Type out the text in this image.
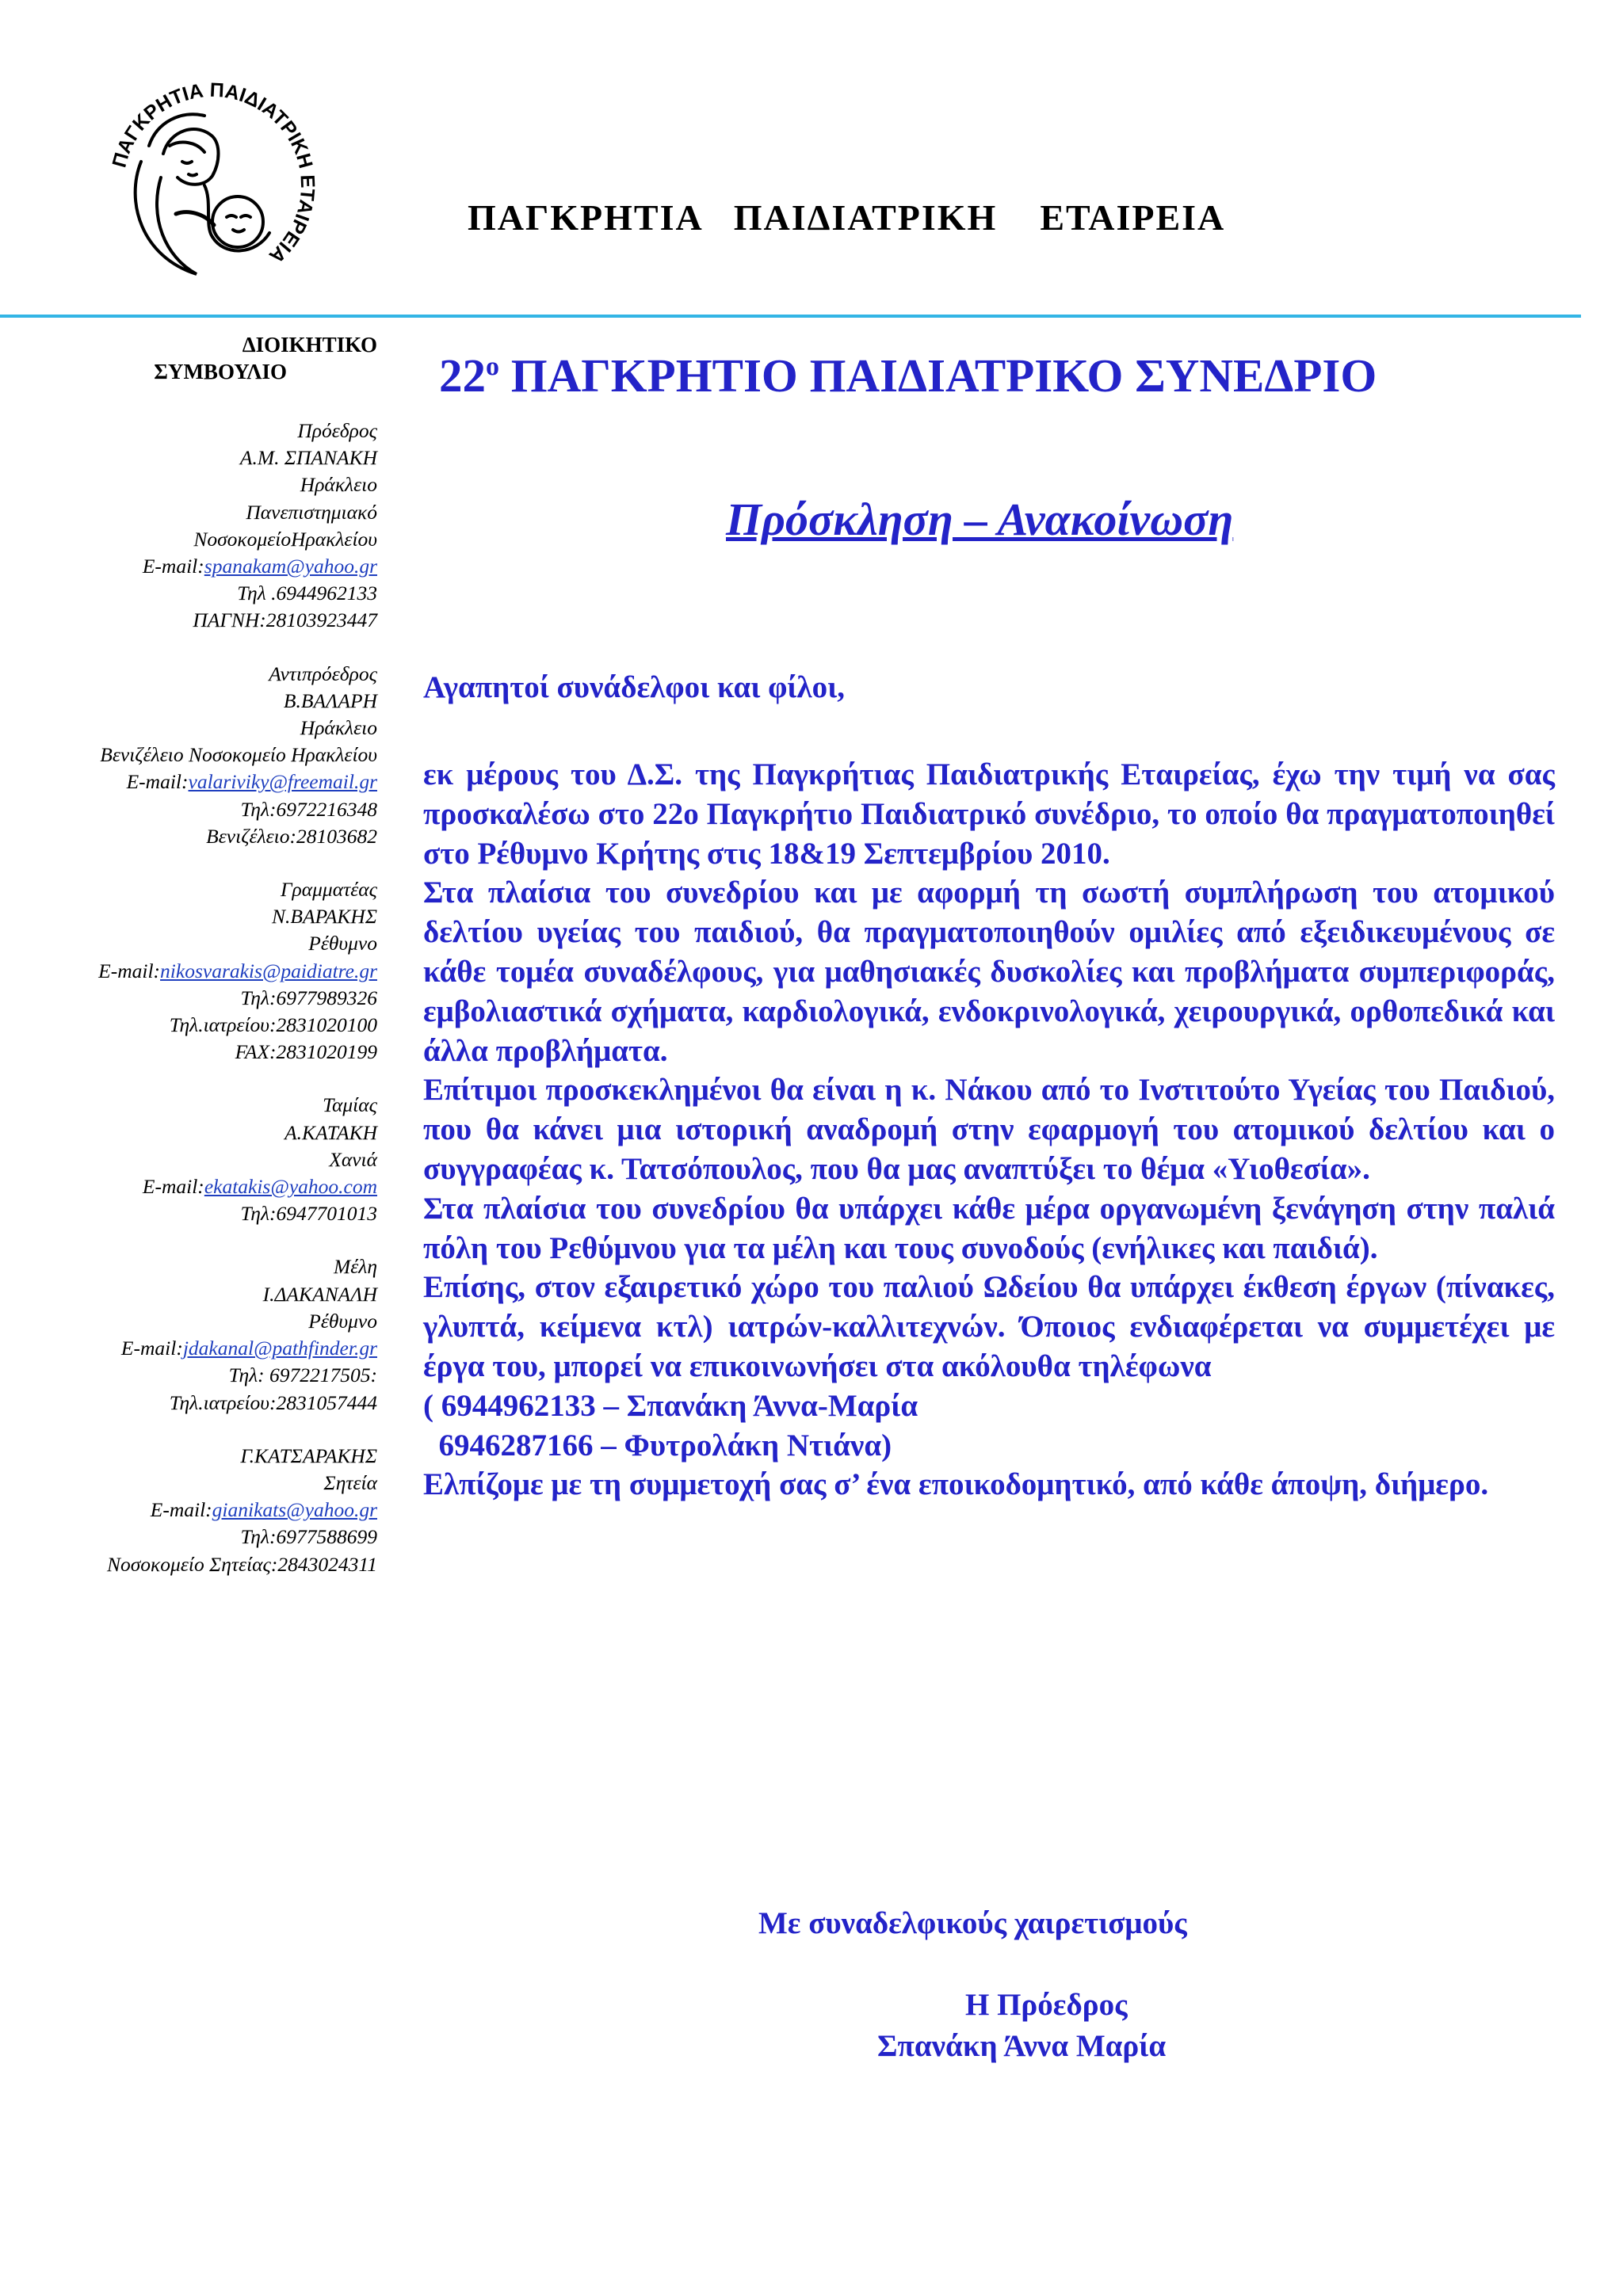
ΠΑΓΚΡΗΤΙΑ ΠΑΙΔΙΑΤΡΙΚΗ ΕΤΑΙΡΕΙΑ
ΠΑΓΚΡΗΤΙΑ   ΠΑΙΔΙΑΤΡΙΚΗ    ΕΤΑΙΡΕΙΑ
ΔΙΟΙΚΗΤΙΚΟ
ΣΥΜΒΟΥΛΙΟ
Πρόεδρος
Α.Μ. ΣΠΑΝΑΚΗ
Ηράκλειο
Πανεπιστημιακό
ΝοσοκομείοΗρακλείου
E-mail:spanakam@yahoo.gr
Τηλ .6944962133
ΠΑΓΝΗ:28103923447
Αντιπρόεδρος
Β.ΒΑΛΑΡΗ
Ηράκλειο
Βενιζέλειο Νοσοκομείο Ηρακλείου
E-mail:valariviky@freemail.gr
Τηλ:6972216348
Βενιζέλειο:28103682
Γραμματέας
Ν.ΒΑΡΑΚΗΣ
Ρέθυμνο
E-mail:nikosvarakis@paidiatre.gr
Τηλ:6977989326
Τηλ.ιατρείου:2831020100
FAX:2831020199
Ταμίας
Α.ΚΑΤΑΚΗ
Χανιά
E-mail:ekatakis@yahoo.com
Τηλ:6947701013
Μέλη
Ι.ΔΑΚΑΝΑΛΗ
Ρέθυμνο
E-mail:jdakanal@pathfinder.gr
Τηλ: 6972217505:
Τηλ.ιατρείου:2831057444
Γ.ΚΑΤΣΑΡΑΚΗΣ
Σητεία
E-mail:gianikats@yahoo.gr
Τηλ:6977588699
Νοσοκομείο Σητείας:2843024311
$22^o$ ΠΑΓΚΡΗΤΙΟ ΠΑΙΔΙΑΤΡΙΚΟ ΣΥΝΕΔΡΙΟ
Πρόσκληση – Ανακοίνωση
Αγαπητοί συνάδελφοι και φίλοι,

εκ μέρους του Δ.Σ. της Παγκρήτιας Παιδιατρικής Εταιρείας, έχω την τιμή να σας προσκαλέσω στο 22ο Παγκρήτιο Παιδιατρικό συνέδριο, το οποίο θα πραγματοποιηθεί στο Ρέθυμνο Κρήτης στις 18&19 Σεπτεμβρίου 2010.

Στα πλαίσια του συνεδρίου και με αφορμή τη σωστή συμπλήρωση του ατομικού δελτίου υγείας του παιδιού, θα πραγματοποιηθούν ομιλίες από εξειδικευμένους σε κάθε τομέα συναδέλφους, για μαθησιακές δυσκολίες και προβλήματα συμπεριφοράς, εμβολιαστικά σχήματα, καρδιολογικά, ενδοκρινολογικά, χειρουργικά, ορθοπεδικά και άλλα προβλήματα.

Επίτιμοι προσκεκλημένοι θα είναι η κ. Νάκου από το Ινστιτούτο Υγείας του Παιδιού, που θα κάνει μια ιστορική αναδρομή στην εφαρμογή του ατομικού δελτίου και ο συγγραφέας κ. Τατσόπουλος, που θα μας αναπτύξει το θέμα «Υιοθεσία».

Στα πλαίσια του συνεδρίου θα υπάρχει κάθε μέρα οργανωμένη ξενάγηση στην παλιά πόλη του Ρεθύμνου για τα μέλη και τους συνοδούς (ενήλικες και παιδιά).

Επίσης, στον εξαιρετικό χώρο του παλιού Ωδείου θα υπάρχει έκθεση έργων (πίνακες, γλυπτά, κείμενα κτλ) ιατρών-καλλιτεχνών. Όποιος ενδιαφέρεται να συμμετέχει με έργα του, μπορεί να επικοινωνήσει στα ακόλουθα τηλέφωνα

( 6944962133 – Σπανάκη Άννα-Μαρία
6946287166 – Φυτρολάκη Ντιάνα)

Ελπίζομε με τη συμμετοχή σας σ’ ένα εποικοδομητικό, από κάθε άποψη, διήμερο.

Με συναδελφικούς χαιρετισμούς
Η Πρόεδρος
Σπανάκη Άννα Μαρία
